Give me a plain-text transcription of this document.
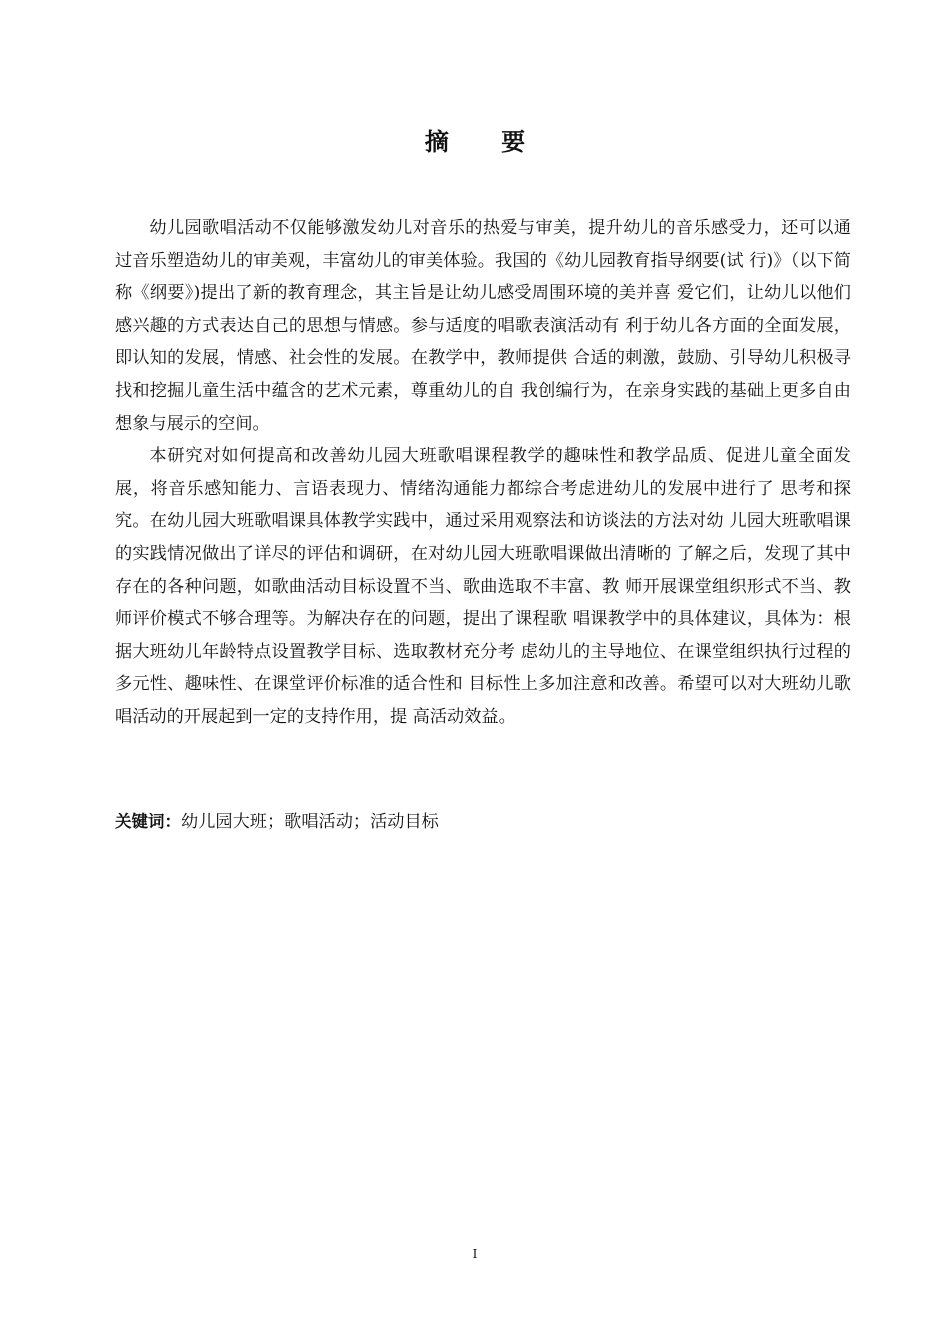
摘 要

幼儿园歌唱活动不仅能够激发幼儿对音乐的热爱与审美，提升幼儿的音乐感受力，还可以通过音乐塑造幼儿的审美观，丰富幼儿的审美体验。我国的《幼儿园教育指导纲要(试 行)》（以下简称《纲要》)提出了新的教育理念，其主旨是让幼儿感受周围环境的美并喜 爱它们，让幼儿以他们感兴趣的方式表达自己的思想与情感。参与适度的唱歌表演活动有 利于幼儿各方面的全面发展，即认知的发展，情感、社会性的发展。在教学中，教师提供 合适的刺激，鼓励、引导幼儿积极寻找和挖掘儿童生活中蕴含的艺术元素，尊重幼儿的自 我创编行为，在亲身实践的基础上更多自由想象与展示的空间。

本研究对如何提高和改善幼儿园大班歌唱课程教学的趣味性和教学品质、促进儿童全面发展，将音乐感知能力、言语表现力、情绪沟通能力都综合考虑进幼儿的发展中进行了 思考和探究。在幼儿园大班歌唱课具体教学实践中，通过采用观察法和访谈法的方法对幼 儿园大班歌唱课的实践情况做出了详尽的评估和调研，在对幼儿园大班歌唱课做出清晰的 了解之后，发现了其中存在的各种问题，如歌曲活动目标设置不当、歌曲选取不丰富、教 师开展课堂组织形式不当、教师评价模式不够合理等。为解决存在的问题，提出了课程歌 唱课教学中的具体建议，具体为：根据大班幼儿年龄特点设置教学目标、选取教材充分考 虑幼儿的主导地位、在课堂组织执行过程的多元性、趣味性、在课堂评价标准的适合性和 目标性上多加注意和改善。希望可以对大班幼儿歌唱活动的开展起到一定的支持作用，提 高活动效益。

关键词：幼儿园大班；歌唱活动；活动目标
I
